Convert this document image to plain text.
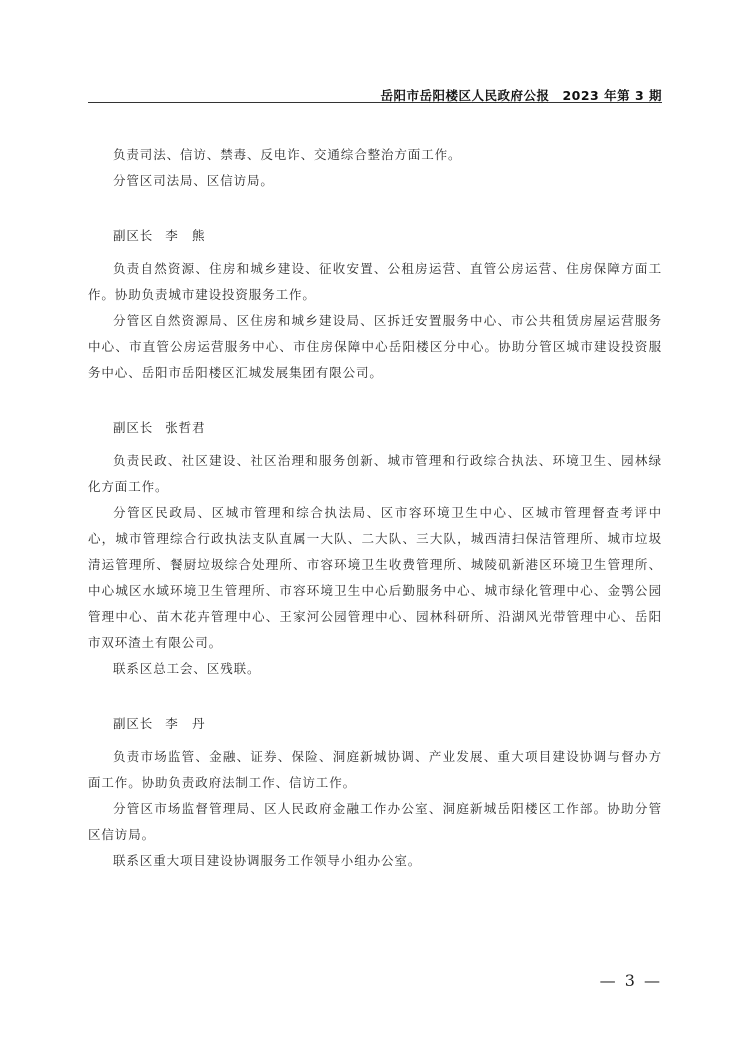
岳阳市岳阳楼区人民政府公报　2023 年第 3 期

负责司法、信访、禁毒、反电诈、交通综合整治方面工作。

分管区司法局、区信访局。

副区长 李　熊

负责自然资源、住房和城乡建设、征收安置、公租房运营、直管公房运营、住房保障方面工作。协助负责城市建设投资服务工作。

分管区自然资源局、区住房和城乡建设局、区拆迁安置服务中心、市公共租赁房屋运营服务中心、市直管公房运营服务中心、市住房保障中心岳阳楼区分中心。协助分管区城市建设投资服务中心、岳阳市岳阳楼区汇城发展集团有限公司。

副区长 张哲君

负责民政、社区建设、社区治理和服务创新、城市管理和行政综合执法、环境卫生、园林绿化方面工作。

分管区民政局、区城市管理和综合执法局、区市容环境卫生中心、区城市管理督查考评中心，城市管理综合行政执法支队直属一大队、二大队、三大队，城西清扫保洁管理所、城市垃圾清运管理所、餐厨垃圾综合处理所、市容环境卫生收费管理所、城陵矶新港区环境卫生管理所、中心城区水域环境卫生管理所、市容环境卫生中心后勤服务中心、城市绿化管理中心、金鹗公园管理中心、苗木花卉管理中心、王家河公园管理中心、园林科研所、沿湖风光带管理中心、岳阳市双环渣土有限公司。

联系区总工会、区残联。

副区长 李　丹

负责市场监管、金融、证券、保险、洞庭新城协调、产业发展、重大项目建设协调与督办方面工作。协助负责政府法制工作、信访工作。

分管区市场监督管理局、区人民政府金融工作办公室、洞庭新城岳阳楼区工作部。协助分管区信访局。

联系区重大项目建设协调服务工作领导小组办公室。

— 3 —
